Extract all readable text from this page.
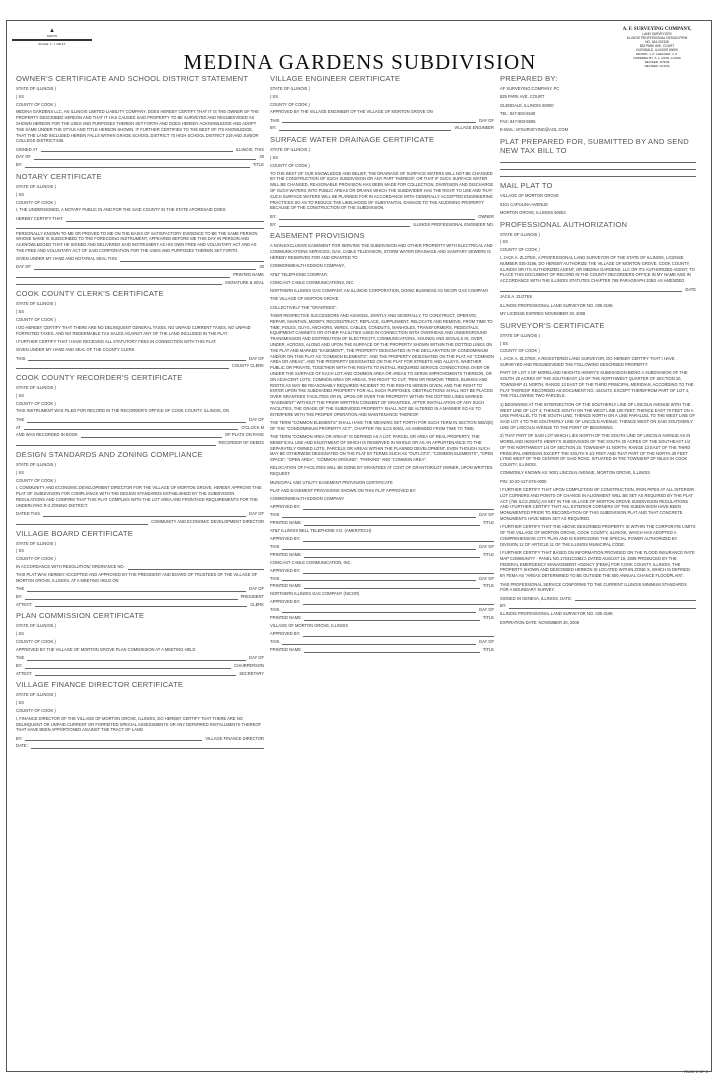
▲
NORTH
SCALE: 1" = 100 FT
MEDINA GARDENS SUBDIVISION
A. F. SURVEYING COMPANY,
LAND SURVEYORS
ILLINOIS PROFESSIONAL DESIGN FIRM
NO. 184-002345
825 PARK AVE. COURT
GLENDALE, ILLINOIS 60000
DRAWN: J. Z. CHECKED: J. Z.
ORDERED BY: A. L. DATE: 11/2/09
REVISED: 11/9/09
REVISED: 12/1/09
OWNER'S CERTIFICATE AND SCHOOL DISTRICT STATEMENT
STATE OF ILLINOIS )
) SS
COUNTY OF COOK )
MEDINA GARDENS LLC, AN ILLINOIS LIMITED LIABILITY COMPANY, DOES HEREBY CERTIFY THAT IT IS THE OWNER OF THE PROPERTY DESCRIBED HEREON AND THAT IT HAS CAUSED SAID PROPERTY TO BE SURVEYED AND RESUBDIVIDED AS SHOWN HEREON FOR THE USES AND PURPOSES THEREIN SET FORTH AND DOES HEREBY ACKNOWLEDGE AND ADOPT THE SAME UNDER THE STYLE AND TITLE HEREON SHOWN. IT FURTHER CERTIFIES TO THE BEST OF ITS KNOWLEDGE, THAT THE LAND INCLUDED HEREIN FALLS WITHIN GRADE SCHOOL DISTRICT 70 HIGH SCHOOL DISTRICT 219 AND JUNIOR COLLEGE DISTRICT 535.
SIGNED AT	ILLINOIS, THIS
DAY OF	20
BY:	TITLE
NOTARY CERTIFICATE
STATE OF ILLINOIS )
) SS
COUNTY OF COOK )
I, THE UNDERSIGNED, A NOTARY PUBLIC IN AND FOR THE SAID COUNTY IN THE STATE AFORESAID DOES
HEREBY CERTIFY THAT
PERSONALLY KNOWN TO ME OR PROVED TO ME ON THE BASIS OF SATISFACTORY EVIDENCE TO BE THE SAME PERSON WHOSE NAME IS SUBSCRIBED TO THE FOREGOING INSTRUMENT, APPEARED BEFORE ME THIS DAY IN PERSON AND ACKNOWLEDGED THAT HE SIGNED AND DELIVERED SAID INSTRUMENT AS HIS OWN FREE AND VOLUNTARY ACT AND AS THE FREE AND VOLUNTARY ACT OF SAID CORPORATION FOR THE USES AND PURPOSES THEREIN SET FORTH.
GIVEN UNDER MY HAND AND NOTARIAL SEAL THIS
DAY OF	20
PRINTED NAME
SIGNATURE & SEAL
COOK COUNTY CLERK'S CERTIFICATE
STATE OF ILLINOIS )
) SS
COUNTY OF COOK )
I DO HEREBY CERTIFY THAT THERE ARE NO DELINQUENT GENERAL TAXES, NO UNPAID CURRENT TAXES, NO UNPAID FORFEITED TAXES, AND NO REDEEMABLE TAX SALES AGAINST ANY OF THE LAND INCLUDED IN THE PLAT.
I FURTHER CERTIFY THAT I HAVE RECEIVED ALL STATUTORY FEES IN CONNECTION WITH THIS PLAT.
GIVEN UNDER MY HAND AND SEAL OF THE COUNTY CLERK
THIS	DAY OF
COUNTY CLERK
COOK COUNTY RECORDER'S CERTIFICATE
STATE OF ILLINOIS )
) SS
COUNTY OF COOK )
THIS INSTRUMENT WAS FILED FOR RECORD IN THE RECORDER'S OFFICE OF COOK COUNTY, ILLINOIS, ON
THE	DAY OF
AT	O'CLOCK M
AND WAS RECORDED IN BOOK	OF PLATS ON PAGE
RECORDER OF DEEDS
DESIGN STANDARDS AND ZONING COMPLIANCE
STATE OF ILLINOIS )
) SS
COUNTY OF COOK )
I, COMMUNITY AND ECONOMIC DEVELOPMENT DIRECTOR FOR THE VILLAGE OF MORTON GROVE, HEREBY APPROVE THIS PLAT OF SUBDIVISION FOR COMPLIANCE WITH THE DESIGN STANDARDS ESTABLISHED BY THE SUBDIVISION REGULATIONS AND CONFIRM THAT THIS PLAT COMPLIES WITH THE LOT AREA AND FRONTAGE REQUIREMENTS FOR THE UNDERLYING R-2 ZONING DISTRICT.
DATED THIS	DAY OF
COMMUNITY AND ECONOMIC DEVELOPMENT DIRECTOR
VILLAGE BOARD CERTIFICATE
STATE OF ILLINOIS )
) SS
COUNTY OF COOK )
IN ACCORDANCE WITH RESOLUTION/ ORDINANCE NO.
THIS PLAT WAS HEREBY ACCEPTED AND APPROVED BY THE PRESIDENT AND BOARD OF TRUSTEES OF THE VILLAGE OF MORTON GROVE, ILLINOIS, AT A MEETING HELD ON
THE	DAY OF
BY:	PRESIDENT
ATTEST:	CLERK
PLAN COMMISSION CERTIFICATE
STATE OF ILLINOIS )
) SS
COUNTY OF COOK )
APPROVED BY THE VILLAGE OF MORTON GROVE PLAN COMMISSION AT A MEETING HELD
THE	DAY OF
BY:	CHAIRPERSON
ATTEST:	SECRETARY
VILLAGE FINANCE DIRECTOR CERTIFICATE
STATE OF ILLINOIS )
) SS
COUNTY OF COOK )
I, FINANCE DIRECTOR OF THE VILLAGE OF MORTON GROVE, ILLINOIS, DO HEREBY CERTIFY THAT THERE ARE NO DELINQUENT OR UNPAID CURRENT OR FORFEITED SPECIAL ASSESSMENTS OR ANY DEFERRED INSTALLMENTS THEREOF THAT HAVE BEEN APPORTIONED AGAINST THE TRACT OF LAND
BY:	VILLAGE FINANCE DIRECTOR
DATE:
VILLAGE ENGINEER CERTIFICATE
STATE OF ILLINOIS )
) SS
COUNTY OF COOK )
APPROVED BY THE VILLAGE ENGINEER OF THE VILLAGE OF MORTON GROVE ON
THIS	DAY OF
BY:	VILLAGE ENGINEER
SURFACE WATER DRAINAGE CERTIFICATE
STATE OF ILLINOIS )
) SS
COUNTY OF COOK )
TO THE BEST OF OUR KNOWLEDGE AND BELIEF, THE DRAINAGE OF SURFACE WATERS WILL NOT BE CHANGED BY THE CONSTRUCTION OF SUCH SUBDIVISION OR ANY PART THEREOF, OR THAT IF SUCH SURFACE WATER WILL BE CHANGED, REASONABLE PROVISION HAS BEEN MADE FOR COLLECTION, DIVERSION AND DISCHARGE OF SUCH WATERS INTO PUBLIC AREAS OR DRAINS WHICH THE SUBDIVIDER HAS THE RIGHT TO USE AND THAT SUCH SURFACE WATERS WILL BE PLANNED FOR IN ACCORDANCE WITH GENERALLY ACCEPTED ENGINEERING PRACTICES SO AS TO REDUCE THE LIKELIHOOD OF SUBSTANTIAL DAMAGE TO THE ADJOINING PROPERTY BECAUSE OF THE CONSTRUCTION OF THE SUBDIVISION.
BY:	OWNER
BY:	ILLINOIS PROFESSIONAL ENGINEER NO.
EASEMENT PROVISIONS
A NON-EXCLUSIVE EASEMENT FOR SERVING THE SUBDIVISION AND OTHER PROPERTY WITH ELECTRICAL AND COMMUNICATIONS SERVICES, GAS, CABLE TELEVISION, STORM WATER DRAINAGE AND SANITARY SEWERS IS HEREBY RESERVED FOR AND GRANTED TO
COMMONWEALTH EDISON COMPANY,
AT&T TELEPHONE COMPANY,
COMCAST CABLE COMMUNICATIONS, INC.
NORTHERN ILLINOIS GAS COMPANY, AN ILLINOIS CORPORATION, DOING BUSINESS AS NICOR GAS COMPANY
THE VILLAGE OF MORTON GROVE
COLLECTIVELY THE "GRANTEES".
THEIR RESPECTIVE SUCCESSORS AND ASSIGNS, JOINTLY AND SEVERALLY, TO CONSTRUCT, OPERATE, REPAIR, MAINTAIN, MODIFY, RECONSTRUCT, REPLACE, SUPPLEMENT, RELOCATE AND REMOVE, FROM TIME TO TIME, POLES, GUYS, ANCHORS, WIRES, CABLES, CONDUITS, MANHOLES, TRANSFORMERS, PEDESTALS, EQUIPMENT CABINETS OR OTHER FACILITIES USED IN CONNECTION WITH OVERHEAD AND UNDERGROUND TRANSMISSION AND DISTRIBUTION OF ELECTRICITY, COMMUNICATIONS, SOUNDS AND SIGNALS IN, OVER, UNDER, ACROSS, ALONG AND UPON THE SURFACE OF THE PROPERTY SHOWN WITHIN THE DOTTED LINES ON THE PLAT AND MARKED "EASEMENT", THE PROPERTY DESIGNATED IN THE DECLARATION OF CONDOMINIUM AND/OR ON THIS PLAT AS "COMMON ELEMENTS", AND THE PROPERTY DESIGNATED ON THE PLAT AS "COMMON AREA OR AREAS", AND THE PROPERTY DESIGNATED ON THE PLAT FOR STREETS AND ALLEYS, WHETHER PUBLIC OR PRIVATE, TOGETHER WITH THE RIGHTS TO INSTALL REQUIRED SERVICE CONNECTIONS OVER OR UNDER THE SURFACE OF EACH LOT AND COMMON AREA OR AREAS TO SERVE IMPROVEMENTS THEREON, OR ON ADJACENT LOTS, COMMON AREA OR AREAS, THE RIGHT TO CUT, TRIM OR REMOVE TREES, BUSHES AND ROOTS AS MAY BE REASONABLY REQUIRED INCIDENT TO THE RIGHTS HEREIN GIVEN, AND THE RIGHT TO ENTER UPON THE SUBDIVIDED PROPERTY FOR ALL SUCH PURPOSES. OBSTRUCTIONS SHALL NOT BE PLACED OVER GRANTEES' FACILITIES OR IN, UPON OR OVER THE PROPERTY WITHIN THE DOTTED LINES MARKED "EASEMENT" WITHOUT THE PRIOR WRITTEN CONSENT OF GRANTEES. AFTER INSTALLATION OF ANY SUCH FACILITIES, THE GRADE OF THE SUBDIVIDED PROPERTY SHALL NOT BE ALTERED IN A MANNER SO AS TO INTERFERE WITH THE PROPER OPERATION AND MAINTENANCE THEREOF.
THE TERM "COMMON ELEMENTS" SHALL HAVE THE MEANING SET FORTH FOR SUCH TERM IN SECTION 605/2(E) OF THE "CONDOMINIUM PROPERTY ACT", CHAPTER 765 ILCS 605/2, AS AMENDED FROM TIME TO TIME.
THE TERM "COMMON AREA OR AREAS" IS DEFINED AS A LOT, PARCEL OR AREA OF REAL PROPERTY, THE BENEFICIAL USE AND ENJOYMENT OF WHICH IS RESERVED IN WHOLE OR AS AN APPURTENANCE TO THE SEPARATELY OWNED LOTS, PARCELS OR AREAS WITHIN THE PLANNED DEVELOPMENT, EVEN THOUGH SUCH MAY BE OTHERWISE DESIGNATED ON THE PLAT BY TERMS SUCH AS "OUTLOTS", "COMMON ELEMENTS", "OPEN SPACE", "OPEN AREA", "COMMON GROUND", "PARKING" AND "COMMON AREA".
RELOCATION OF FACILITIES WILL BE DONE BY GRANTEES AT COST OF GRANTOR/LOT OWNER, UPON WRITTEN REQUEST.
MUNICIPAL AND UTILITY EASEMENT PROVISION CERTIFICATE
PLAT AND EASEMENT PROVISIONS SHOWN ON THIS PLAT APPROVED BY:
COMMONWEALTH EDISON COMPANY
APPROVED BY:
THIS	DAY OF
PRINTED NAME	TITLE
AT&T ILLINOIS BELL TELEPHONE CO. (AMERITECH)
APPROVED BY:
THIS	DAY OF
PRINTED NAME	TITLE
COMCAST CABLE COMMUNICATION, INC.
APPROVED BY:
THIS	DAY OF
PRINTED NAME	TITLE
NORTHERN ILLINOIS GAS COMPANY (NICOR)
APPROVED BY:
THIS	DAY OF
PRINTED NAME	TITLE
VILLAGE OF MORTON GROVE, ILLINOIS
APPROVED BY:
THIS	DAY OF
PRINTED NAME	TITLE
PREPARED BY:
AF SURVEYING COMPANY, PC
825 PARK AVE. COURT
GLENDALE, ILLINOIS 60000
TEL: 847-803-5540
FAX: 847-803-5596
E-MAIL: AFSURVEYING@AOL.COM
PLAT PREPARED FOR, SUBMITTED BY AND SEND NEW TAX BILL TO
MAIL PLAT TO
VILLAGE OF MORTON GROVE
6101 CAPULINA AVENUE
MORTON GROVE, ILLINOIS 60053
PROFESSIONAL AUTHORIZATION
STATE OF ILLINOIS )
) SS
COUNTY OF COOK )
I, JACK A. ZLOTEK, A PROFESSIONAL LAND SURVEYOR OF THE STATE OF ILLINOIS, LICENSE NUMBER 035-3196, DO HEREBY AUTHORIZE THE VILLAGE OF MORTON GROVE, COOK COUNTY, ILLINOIS OR ITS AUTHORIZED AGENT, OR MEDINA GARDENS, LLC OR ITS AUTHORIZED AGENT, TO PLACE THIS DOCUMENT OF RECORD IN THE COUNTY RECORDERS OFFICE IN MY NAME AND IN ACCORDANCE WITH THE ILLINOIS STATUTES CHAPTER 765 PARAGRAPH 205/2 AS AMENDED.
DATE
JACK A. ZLOTEK
ILLINOIS PROFESSIONAL LAND SURVEYOR NO. 035-3196
MY LICENSE EXPIRES NOVEMBER 30, 2008
SURVEYOR'S CERTIFICATE
STATE OF ILLINOIS )
) SS
COUNTY OF COOK )
I, JACK A. ZLOTEK, A REGISTERED LAND SURVEYOR, DO HEREBY CERTIFY THAT I HAVE SURVEYED AND RESUBDIVIDED THE FOLLOWING DESCRIBED PROPERTY:
PART OF LOT 4 OF MORELAND HEIGHTS HENRY'S SUBDIVISION BEING A SUBDIVISION OF THE SOUTH 20 ACRES OF THE SOUTHEAST 1/4 OF THE NORTHWEST QUARTER OF SECTION 20, TOWNSHIP 41 NORTH, RANGE 13 EAST OF THE THIRD PRINCIPAL MERIDIAN, ACCORDING TO THE PLAT THEREOF RECORDED AS DOCUMENT NO. 4244473, EXCEPT THEREFROM PART OF LOT 4, THE FOLLOWING TWO PARCELS:
1) BEGINNING AT THE INTERSECTION OF THE SOUTHERLY LINE OF LINCOLN AVENUE WITH THE WEST LINE OF LOT 4; THENCE SOUTH ON THE WEST LINE 100 FEET; THENCE EAST 70 FEET ON A LINE PARALLEL TO THE SOUTH LINE; THENCE NORTH ON A LINE PARALLEL TO THE WEST LINE OF SAID LOT 4 TO THE SOUTHERLY LINE OF LINCOLN AVENUE; THENCE WEST ON SAID SOUTHERLY LINE OF LINCOLN AVENUE TO THE POINT OF BEGINNING.
2) THAT PART OF SAID LOT WHICH LIES NORTH OF THE SOUTH LINE OF LINCOLN AVENUE AS IN MORELAND HEIGHTS HENRY'S SUBDIVISION OF THE SOUTH 20 ACRES OF THE SOUTHEAST 1/4 OF THE NORTHWEST 1/4 OF SECTION 20, TOWNSHIP 41 NORTH, RANGE 13 EAST OF THE THIRD PRINCIPAL MERIDIAN EXCEPT THE SOUTH 9 1/2 FEET AND THAT PART OF THE NORTH 30 FEET LYING WEST OF THE CENTER OF SAID ROAD, SITUATED IN THE TOWNSHIP OF NILES IN COOK COUNTY, ILLINOIS.
COMMONLY KNOWN AS: 9001 LINCOLN AVENUE, MORTON GROVE, ILLINOIS
PIN: 10-20-127-076-0000
I FURTHER CERTIFY THAT UPON COMPLETION OF CONSTRUCTION, IRON PIPES AT ALL INTERIOR LOT CORNERS AND POINTS OF CHANGE IN ALIGNMENT WILL BE SET AS REQUIRED BY THE PLAT ACT (765 ILCS 205/1) AS SET IN THE VILLAGE OF MORTON GROVE SUBDIVISION REGULATIONS AND I FURTHER CERTIFY THAT ALL EXTERIOR CORNERS OF THE SUBDIVISION HAVE BEEN MONUMENTED PRIOR TO RECORDATION OF THIS SUBDIVISION PLAT AND THAT CONCRETE MONUMENTS HAVE BEEN SET AS REQUIRED.
I FURTHER CERTIFY THAT THE ABOVE DESCRIBED PROPERTY IS WITHIN THE CORPORATE LIMITS OF THE VILLAGE OF MORTON GROVE, COOK COUNTY, ILLINOIS, WHICH HAS ADOPTED A COMPREHENSIVE CITY PLAN AND IS EXERCISING THE SPECIAL POWER AUTHORIZED BY DIVISION 12 OF ARTICLE 11 OF THE ILLINOIS MUNICIPAL CODE.
I FURTHER CERTIFY THAT BASED ON INFORMATION PROVIDED ON THE FLOOD INSURANCE RATE MAP COMMUNITY - PANEL NO.17031C0382J, DATED AUGUST 19, 2008 PRODUCED BY THE FEDERAL EMERGENCY MANAGEMENT AGENCY (FEMA) FOR COOK COUNTY, ILLINOIS, THE PROPERTY SHOWN AND DESCRIBED HEREON IS LOCATED WITHIN ZONE X, WHICH IS DEFINED BY FEMA AS "AREAS DETERMINED TO BE OUTSIDE THE 500 ANNUAL CHANCE FLOODPLAIN".
THIS PROFESSIONAL SERVICE CONFORMS TO THE CURRENT ILLINOIS MINIMUM STANDARDS FOR A BOUNDARY SURVEY.
SIGNED IN GENEVA, ILLINOIS, DATE:
BY:
ILLINOIS PROFESSIONAL LAND SURVEYOR NO. 035-3196
EXPIRATION DATE: NOVEMBER 30, 2008
PAGE 2 OF 2
